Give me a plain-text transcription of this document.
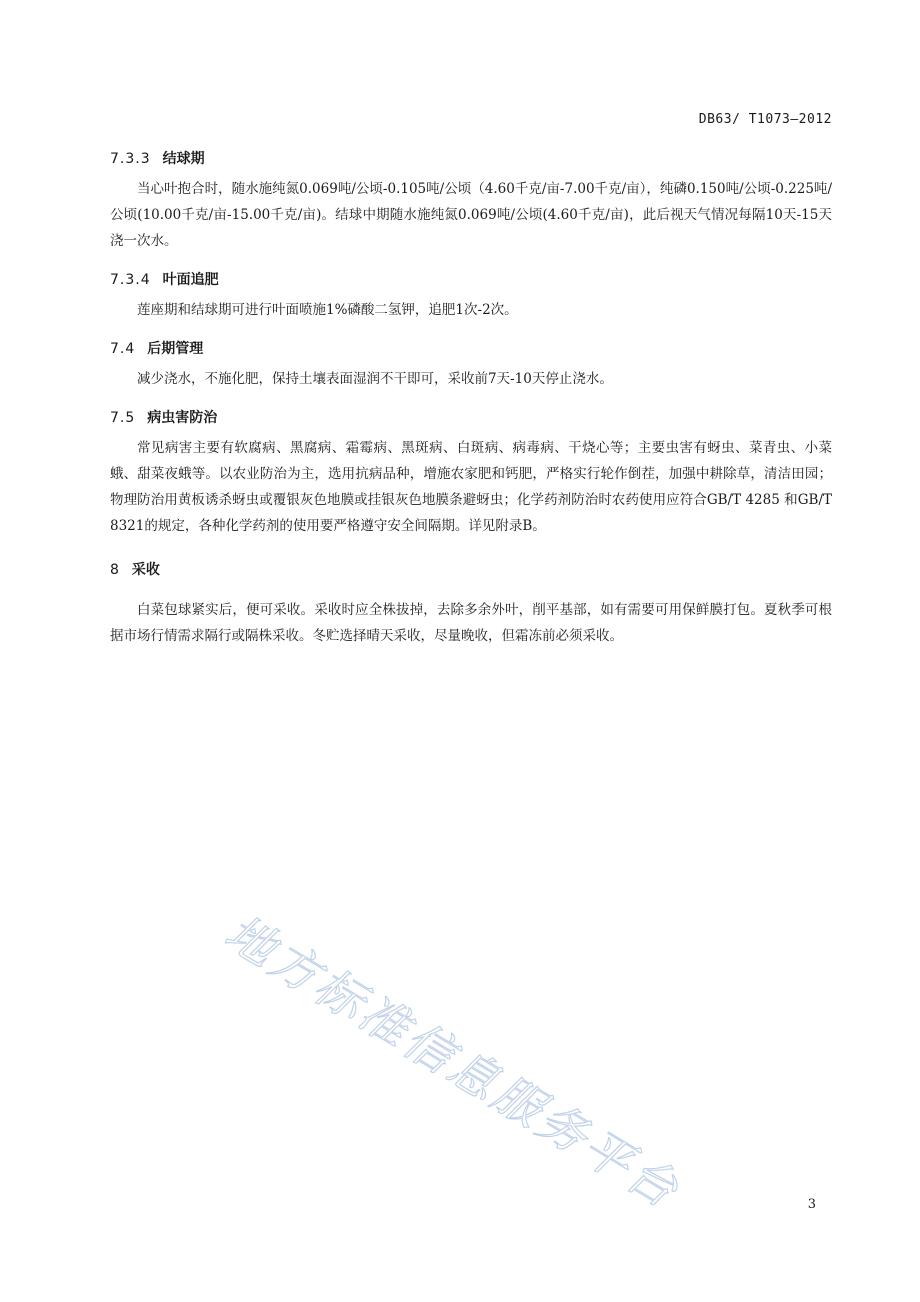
DB63/ T1073—2012
7.3.3 结球期

当心叶抱合时，随水施纯氮0.069吨/公顷-0.105吨/公顷（4.60千克/亩-7.00千克/亩），纯磷0.150吨/公顷-0.225吨/公顷(10.00千克/亩-15.00千克/亩)。结球中期随水施纯氮0.069吨/公顷(4.60千克/亩)，此后视天气情况每隔10天-15天浇一次水。

7.3.4 叶面追肥

莲座期和结球期可进行叶面喷施1%磷酸二氢钾，追肥1次-2次。

7.4 后期管理

减少浇水，不施化肥，保持土壤表面湿润不干即可，采收前7天-10天停止浇水。

7.5 病虫害防治

常见病害主要有软腐病、黑腐病、霜霉病、黑斑病、白斑病、病毒病、干烧心等；主要虫害有蚜虫、菜青虫、小菜蛾、甜菜夜蛾等。以农业防治为主，选用抗病品种，增施农家肥和钙肥，严格实行轮作倒茬，加强中耕除草，清洁田园；物理防治用黄板诱杀蚜虫或覆银灰色地膜或挂银灰色地膜条避蚜虫；化学药剂防治时农药使用应符合GB/T 4285 和GB/T 8321的规定，各种化学药剂的使用要严格遵守安全间隔期。详见附录B。

8 采收

白菜包球紧实后，便可采收。采收时应全株拔掉，去除多余外叶，削平基部，如有需要可用保鲜膜打包。夏秋季可根据市场行情需求隔行或隔株采收。冬贮选择晴天采收，尽量晚收，但霜冻前必须采收。

地方标准信息服务平台	3
